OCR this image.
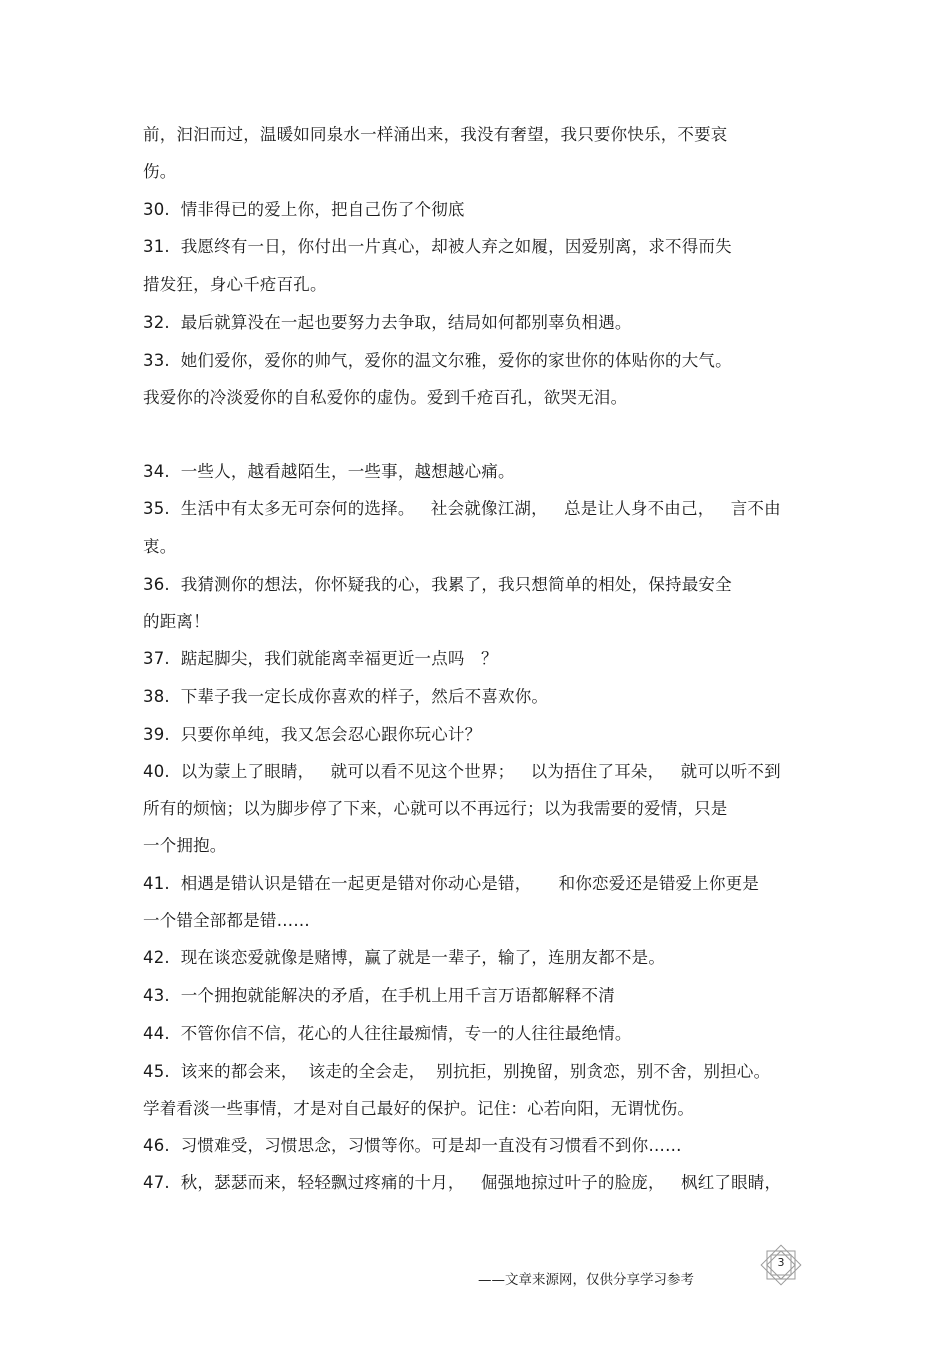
前，汩汩而过，温暖如同泉水一样涌出来，我没有奢望，我只要你快乐，不要哀
伤。
30.  情非得已的爱上你，把自己伤了个彻底
31.  我愿终有一日，你付出一片真心，却被人弃之如履，因爱别离，求不得而失
措发狂，身心千疮百孔。
32.  最后就算没在一起也要努力去争取，结局如何都别辜负相遇。
33.  她们爱你，爱你的帅气，爱你的温文尔雅，爱你的家世你的体贴你的大气。
我爱你的冷淡爱你的自私爱你的虚伪。爱到千疮百孔，欲哭无泪。
34.  一些人，越看越陌生，一些事，越想越心痛。
35.  生活中有太多无可奈何的选择。   社会就像江湖，   总是让人身不由己，   言不由
衷。
36.  我猜测你的想法，你怀疑我的心，我累了，我只想简单的相处，保持最安全
的距离！
37.  踮起脚尖，我们就能离幸福更近一点吗   ？
38.  下辈子我一定长成你喜欢的样子，然后不喜欢你。
39.  只要你单纯，我又怎会忍心跟你玩心计？
40.  以为蒙上了眼睛，   就可以看不见这个世界；   以为捂住了耳朵，   就可以听不到
所有的烦恼；以为脚步停了下来，心就可以不再远行；以为我需要的爱情，只是
一个拥抱。
41.  相遇是错认识是错在一起更是错对你动心是错，     和你恋爱还是错爱上你更是
一个错全部都是错……
42.  现在谈恋爱就像是赌博，赢了就是一辈子，输了，连朋友都不是。
43.  一个拥抱就能解决的矛盾，在手机上用千言万语都解释不清
44.  不管你信不信，花心的人往往最痴情，专一的人往往最绝情。
45.  该来的都会来，  该走的全会走，  别抗拒，别挽留，别贪恋，别不舍，别担心。
学着看淡一些事情，才是对自己最好的保护。记住：心若向阳，无谓忧伤。
46.  习惯难受，习惯思念，习惯等你。可是却一直没有习惯看不到你……
47.  秋，瑟瑟而来，轻轻飘过疼痛的十月，   倔强地掠过叶子的脸庞，   枫红了眼睛，
——文章来源网，仅供分享学习参考
3
